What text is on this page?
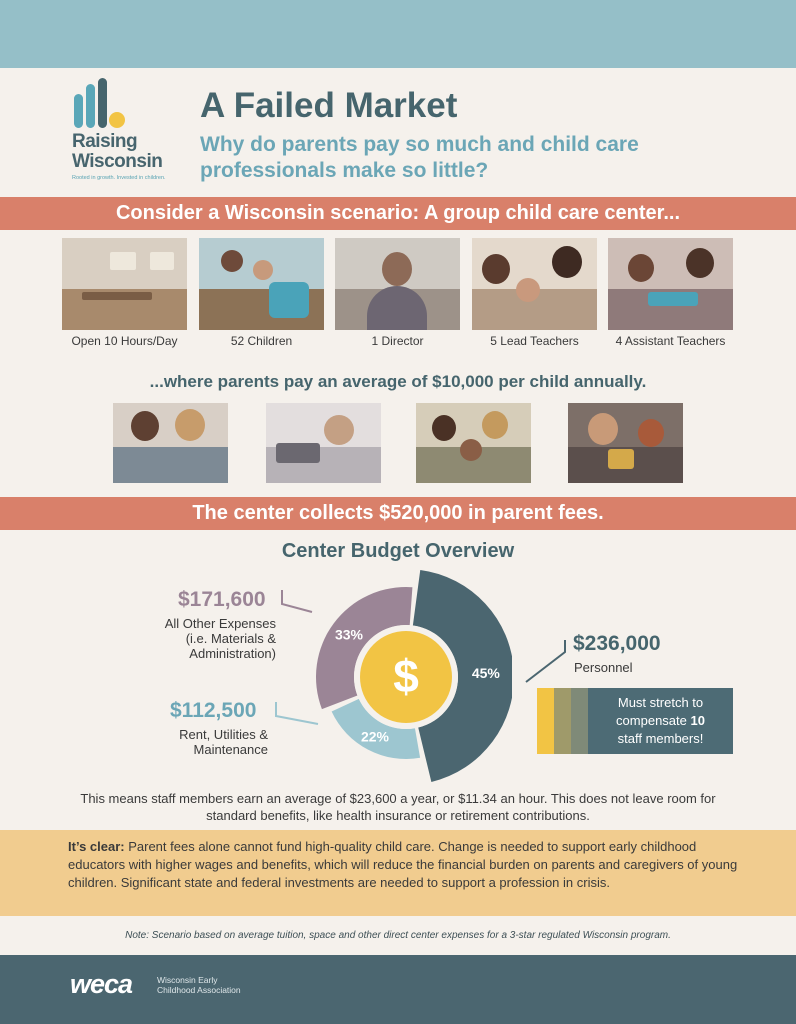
Raising
Wisconsin
Rooted in growth. Invested in children.
A Failed Market
Why do parents pay so much and child care professionals make so little?
Consider a Wisconsin scenario: A group child care center...
Open 10 Hours/Day	52 Children	1 Director	5 Lead Teachers	4 Assistant Teachers
...where parents pay an average of $10,000 per child annually.
The center collects $520,000 in parent fees.
Center Budget Overview
$	45%
22%
33%
$171,600
All Other Expenses
(i.e. Materials &
Administration)
$112,500
Rent, Utilities &
Maintenance
$236,000
Personnel
Must stretch to
compensate 10
staff members!
This means staff members earn an average of $23,600 a year, or $11.34 an hour. This does not leave room for standard benefits, like health insurance or retirement contributions.
It’s clear: Parent fees alone cannot fund high-quality child care. Change is needed to support early childhood educators with higher wages and benefits, which will reduce the financial burden on parents and caregivers of young children. Significant state and federal investments are needed to support a profession in crisis.
Note: Scenario based on average tuition, space and other direct center expenses for a 3-star regulated Wisconsin program.
weca	Wisconsin Early
Childhood Association
